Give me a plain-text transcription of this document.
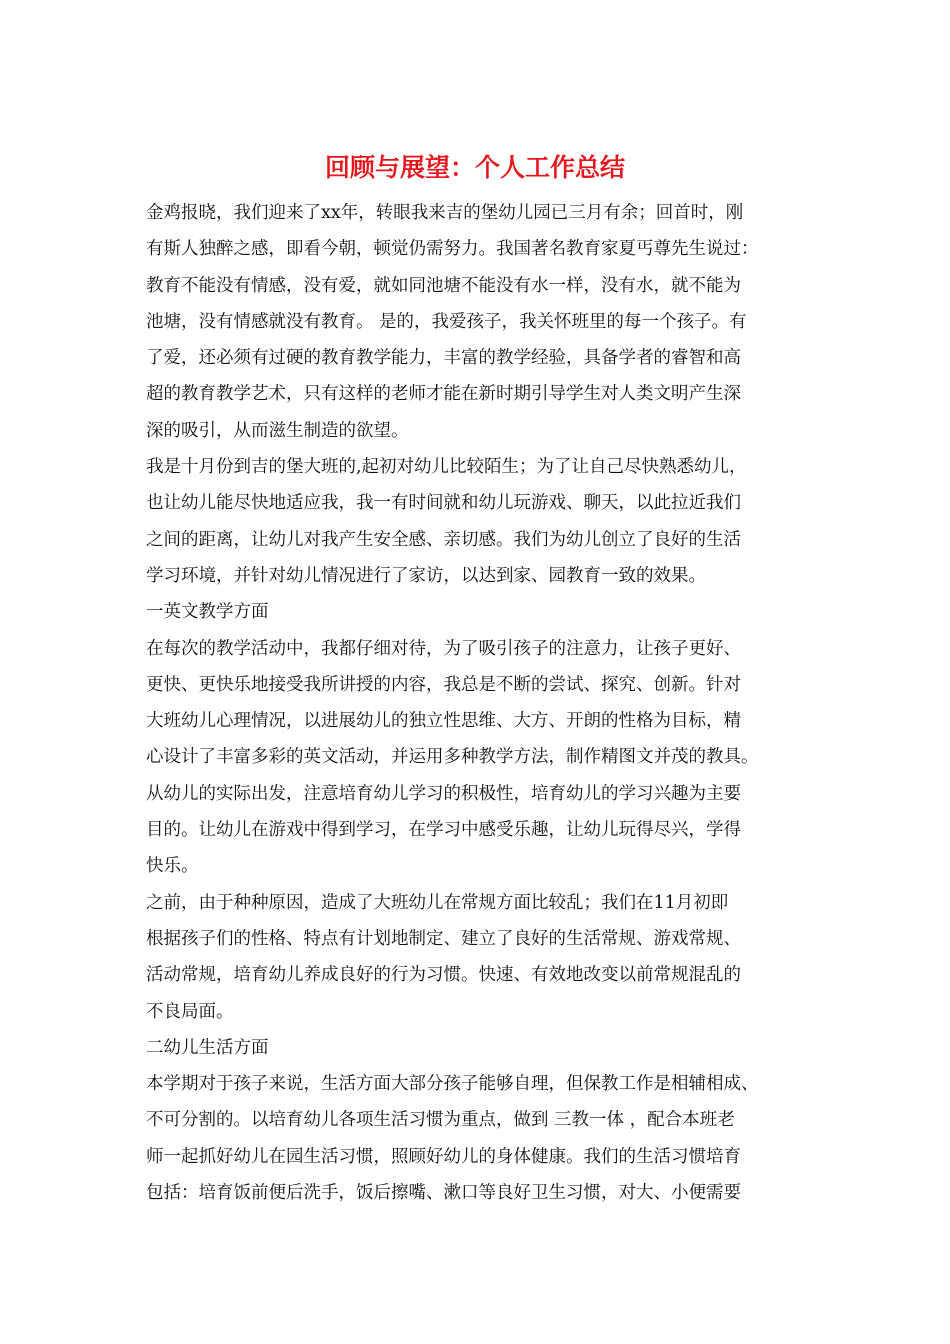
回顾与展望：个人工作总结
金鸡报晓，我们迎来了xx年，转眼我来吉的堡幼儿园已三月有余；回首时，刚
有斯人独醉之感，即看今朝，顿觉仍需努力。我国著名教育家夏丐尊先生说过：
教育不能没有情感，没有爱，就如同池塘不能没有水一样，没有水，就不能为
池塘，没有情感就没有教育。 是的，我爱孩子，我关怀班里的每一个孩子。有
了爱，还必须有过硬的教育教学能力，丰富的教学经验，具备学者的睿智和高
超的教育教学艺术，只有这样的老师才能在新时期引导学生对人类文明产生深
深的吸引，从而滋生制造的欲望。
我是十月份到吉的堡大班的,起初对幼儿比较陌生；为了让自己尽快熟悉幼儿，
也让幼儿能尽快地适应我，我一有时间就和幼儿玩游戏、聊天，以此拉近我们
之间的距离，让幼儿对我产生安全感、亲切感。我们为幼儿创立了良好的生活
学习环境，并针对幼儿情况进行了家访，以达到家、园教育一致的效果。
一英文教学方面
在每次的教学活动中，我都仔细对待，为了吸引孩子的注意力，让孩子更好、
更快、更快乐地接受我所讲授的内容，我总是不断的尝试、探究、创新。针对
大班幼儿心理情况，以进展幼儿的独立性思维、大方、开朗的性格为目标，精
心设计了丰富多彩的英文活动，并运用多种教学方法，制作精图文并茂的教具。
从幼儿的实际出发，注意培育幼儿学习的积极性，培育幼儿的学习兴趣为主要
目的。让幼儿在游戏中得到学习，在学习中感受乐趣，让幼儿玩得尽兴，学得
快乐。
之前，由于种种原因，造成了大班幼儿在常规方面比较乱；我们在11月初即
根据孩子们的性格、特点有计划地制定、建立了良好的生活常规、游戏常规、
活动常规，培育幼儿养成良好的行为习惯。快速、有效地改变以前常规混乱的
不良局面。
二幼儿生活方面
本学期对于孩子来说，生活方面大部分孩子能够自理，但保教工作是相辅相成、
不可分割的。以培育幼儿各项生活习惯为重点，做到 三教一体 ，配合本班老
师一起抓好幼儿在园生活习惯，照顾好幼儿的身体健康。我们的生活习惯培育
包括：培育饭前便后洗手，饭后擦嘴、漱口等良好卫生习惯，对大、小便需要
